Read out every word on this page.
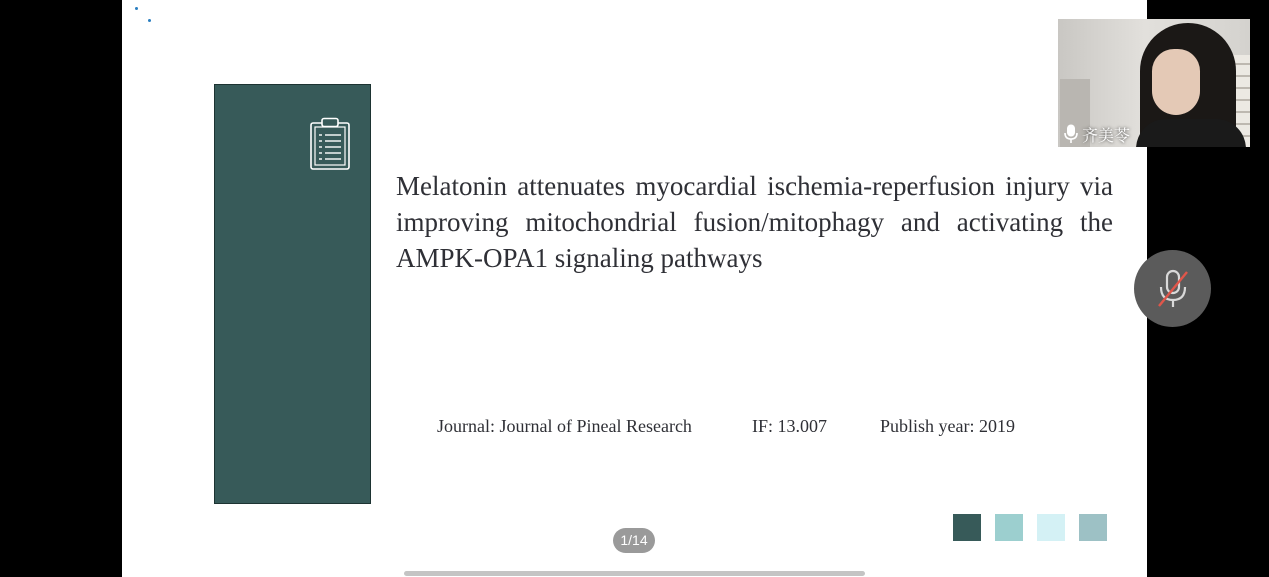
Melatonin attenuates myocardial ischemia-reperfusion injury via improving mitochondrial fusion/mitophagy and activating the AMPK-OPA1 signaling pathways
Journal: Journal of Pineal Research	IF: 13.007	Publish year: 2019
1/14
齐美苓
